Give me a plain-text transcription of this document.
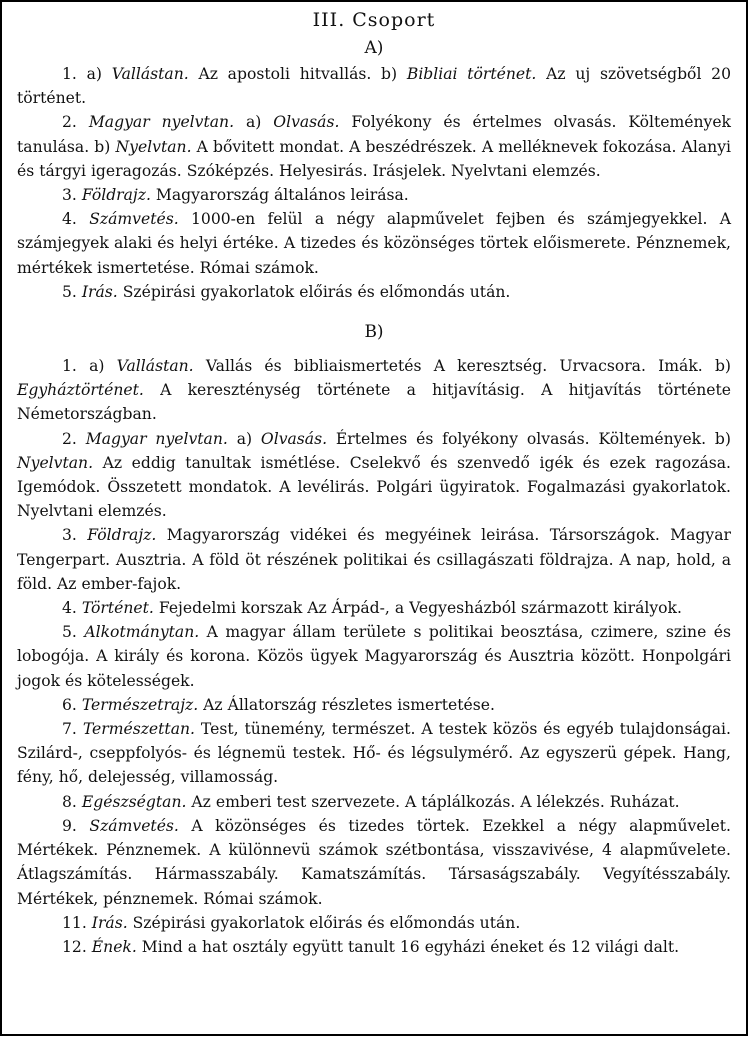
III. Csoport
A)

1. a) Vallástan. Az apostoli hitvallás. b) Bibliai történet. Az uj szövetségből 20 történet.

2. Magyar nyelvtan. a) Olvasás. Folyékony és értelmes olvasás. Költemények tanulása. b) Nyelvtan. A bővitett mondat. A beszédrészek. A melléknevek fokozása. Alanyi és tárgyi igeragozás. Szóképzés. Helyesirás. Irásjelek. Nyelvtani elemzés.

3. Földrajz. Magyarország általános leirása.

4. Számvetés. 1000-en felül a négy alapművelet fejben és számjegyekkel. A számjegyek alaki és helyi értéke. A tizedes és közönséges törtek előismerete. Pénznemek, mértékek ismertetése. Római számok.

5. Irás. Szépirási gyakorlatok előirás és előmondás után.

B)

1. a) Vallástan. Vallás és bibliaismertetés A keresztség. Urvacsora. Imák. b) Egyháztörténet. A kereszténység története a hitjavításig. A hitjavítás története Németországban.

2. Magyar nyelvtan. a) Olvasás. Értelmes és folyékony olvasás. Költemények. b) Nyelvtan. Az eddig tanultak ismétlése. Cselekvő és szenvedő igék és ezek ragozása. Igemódok. Összetett mondatok. A levélirás. Polgári ügyiratok. Fogalmazási gyakorlatok. Nyelvtani elemzés.

3. Földrajz. Magyarország vidékei és megyéinek leirása. Társországok. Magyar Tengerpart. Ausztria. A föld öt részének politikai és csillagászati földrajza. A nap, hold, a föld. Az ember-fajok.

4. Történet. Fejedelmi korszak Az Árpád-, a Vegyesházból származott királyok.

5. Alkotmánytan. A magyar állam területe s politikai beosztása, czimere, szine és lobogója. A király és korona. Közös ügyek Magyarország és Ausztria között. Honpolgári jogok és kötelességek.

6. Természetrajz. Az Állatország részletes ismertetése.

7. Természettan. Test, tünemény, természet. A testek közös és egyéb tulajdonságai. Szilárd-, cseppfolyós- és légnemü testek. Hő- és légsulymérő. Az egyszerü gépek. Hang, fény, hő, delejesség, villamosság.

8. Egészségtan. Az emberi test szervezete. A táplálkozás. A lélekzés. Ruházat.

9. Számvetés. A közönséges és tizedes törtek. Ezekkel a négy alapművelet. Mértékek. Pénznemek. A különnevü számok szétbontása, visszavivése, 4 alapművelete. Átlagszámítás. Hármasszabály. Kamatszámítás. Társaságszabály. Vegyítésszabály. Mértékek, pénznemek. Római számok.

11. Irás. Szépirási gyakorlatok előirás és előmondás után.

12. Ének. Mind a hat osztály együtt tanult 16 egyházi éneket és 12 világi dalt.
